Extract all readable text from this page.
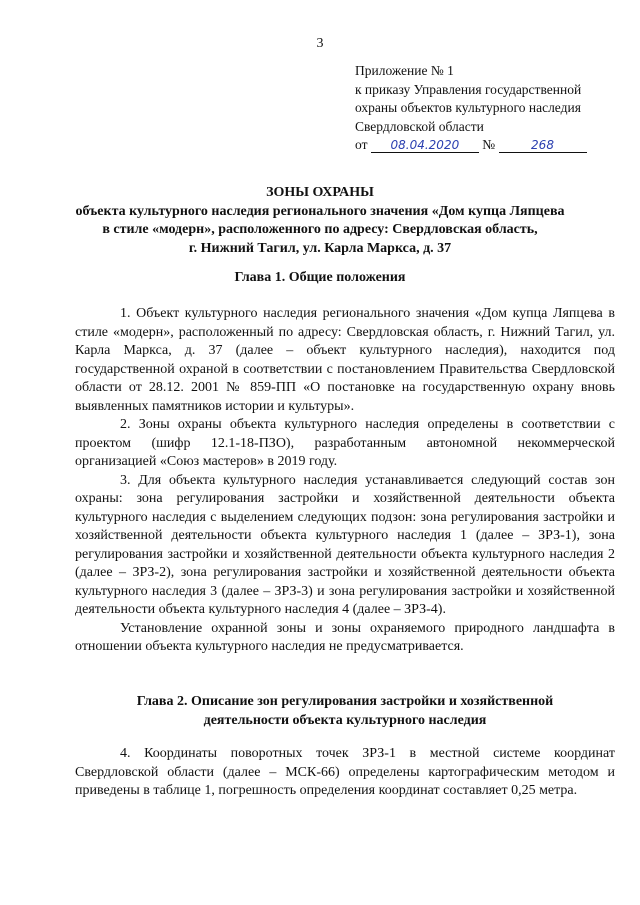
3
Приложение № 1
к приказу Управления государственной
охраны объектов культурного наследия
Свердловской области
от 08.04.2020 №	268
ЗОНЫ ОХРАНЫ
объекта культурного наследия регионального значения «Дом купца Ляпцева
в стиле «модерн», расположенного по адресу: Свердловская область,
г. Нижний Тагил, ул. Карла Маркса, д. 37
Глава 1. Общие положения

1. Объект культурного наследия регионального значения «Дом купца Ляпцева в стиле «модерн», расположенный по адресу: Свердловская область, г. Нижний Тагил, ул. Карла Маркса, д. 37 (далее – объект культурного наследия), находится под государственной охраной в соответствии с постановлением Правительства Свердловской области от 28.12. 2001 № 859-ПП «О постановке на государственную охрану вновь выявленных памятников истории и культуры».

2. Зоны охраны объекта культурного наследия определены в соответствии с проектом (шифр 12.1-18-ПЗО), разработанным автономной некоммерческой организацией «Союз мастеров» в 2019 году.

3. Для объекта культурного наследия устанавливается следующий состав зон охраны: зона регулирования застройки и хозяйственной деятельности объекта культурного наследия с выделением следующих подзон: зона регулирования застройки и хозяйственной деятельности объекта культурного наследия 1 (далее – ЗРЗ-1), зона регулирования застройки и хозяйственной деятельности объекта культурного наследия 2 (далее – ЗРЗ-2), зона регулирования застройки и хозяйственной деятельности объекта культурного наследия 3 (далее – ЗРЗ-3) и зона регулирования застройки и хозяйственной деятельности объекта культурного наследия 4 (далее – ЗРЗ-4).

Установление охранной зоны и зоны охраняемого природного ландшафта в отношении объекта культурного наследия не предусматривается.

Глава 2. Описание зон регулирования застройки и хозяйственной
деятельности объекта культурного наследия

4. Координаты поворотных точек ЗРЗ-1 в местной системе координат Свердловской области (далее – МСК-66) определены картографическим методом и приведены в таблице 1, погрешность определения координат составляет 0,25 метра.
